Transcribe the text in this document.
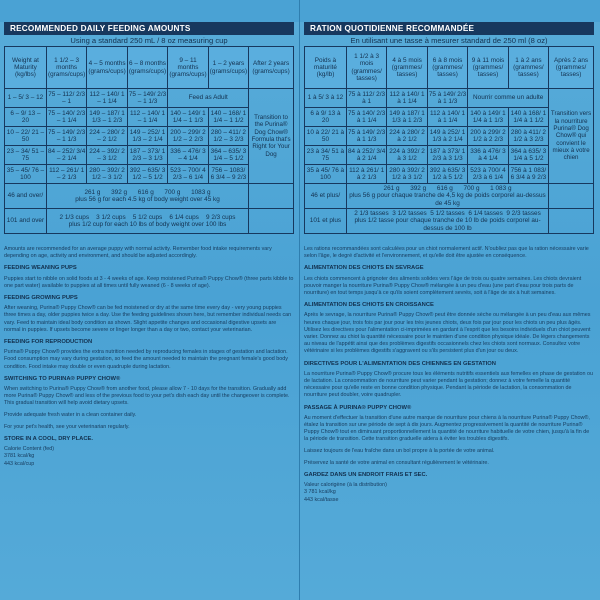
RECOMMENDED DAILY FEEDING AMOUNTS
Using a standard 250 mL / 8 oz measuring cup
Weight at Maturity (kg/lbs)	1 1/2 – 3 months (grams/cups)	4 – 5 months (grams/cups)	6 – 8 months (grams/cups)	9 – 11 months (grams/cups)	1 – 2 years (grams/cups)	After 2 years (grams/cups)
1 – 5/ 3 – 12	75 – 112/ 2/3 – 1	112 – 140/ 1 – 1 1/4	75 – 149/ 2/3 – 1 1/3	Feed as Adult		Transition to the Purina® Dog Chow® Formula that's Right for Your Dog
6 – 9/ 13 – 20	75 – 140/ 2/3 – 1 1/4	149 – 187/ 1 1/3 – 1 2/3	112 – 140/ 1 – 1 1/4	140 – 149/ 1 1/4 – 1 1/3	140 – 168/ 1 1/4 – 1 1/2	
10 – 22/ 21 – 50	75 – 149/ 2/3 – 1 1/3	224 – 280/ 2 – 2 1/2	149 – 252/ 1 1/3 – 2 1/4	200 – 299/ 2 1/2 – 2 2/3	280 – 411/ 2 1/2 – 3 2/3	
23 – 34/ 51 – 75	84 – 252/ 3/4 – 2 1/4	224 – 392/ 2 – 3 1/2	187 – 373/ 1 2/3 – 3 1/3	336 – 476/ 3 – 4 1/4	364 – 635/ 3 1/4 – 5 1/2	
35 – 45/ 76 – 100	112 – 261/ 1 – 2 1/3	280 – 392/ 2 1/2 – 3 1/2	392 – 635/ 3 1/2 – 5 1/2	523 – 700/ 4 2/3 – 6 1/4	756 – 1083/ 6 3/4 – 9 2/3	
46 and over/	261 g 392 g 616 g 700 g 1083 g
plus 56 g for each 4.5 kg of body weight over 45 kg					

101 and over	2 1/3 cups 3 1/2 cups 5 1/2 cups 6 1/4 cups 9 2/3 cups
plus 1/2 cup for each 10 lbs of body weight over 100 lbs					

Amounts are recommended for an average puppy with normal activity. Remember food intake requirements vary depending on age, activity and environment, and should be adjusted accordingly.

FEEDING WEANING PUPS

Puppies start to nibble on solid foods at 3 - 4 weeks of age. Keep moistened Purina® Puppy Chow® (three parts kibble to one part water) available to puppies at all times until fully weaned (6 - 8 weeks of age).

FEEDING GROWING PUPS

After weaning, Purina® Puppy Chow® can be fed moistened or dry at the same time every day - very young puppies three times a day, older puppies twice a day. Use the feeding guidelines shown here, but remember individual needs can vary. Feed to maintain ideal body condition as shown. Slight appetite changes and occasional digestive upsets are normal in puppies. If upsets become severe or linger longer than a day or two, contact your veterinarian.

FEEDING FOR REPRODUCTION

Purina® Puppy Chow® provides the extra nutrition needed by reproducing females in stages of gestation and lactation. Food consumption may vary during gestation, so feed the amount needed to maintain the pregnant female's good body condition. Food intake may double or even quadruple during lactation.

SWITCHING TO PURINA® PUPPY CHOW®

When switching to Purina® Puppy Chow® from another food, please allow 7 - 10 days for the transition. Gradually add more Purina® Puppy Chow® and less of the previous food to your pet's dish each day until the changeover is complete. This gradual transition will help avoid dietary upsets.

Provide adequate fresh water in a clean container daily.

For your pet's health, see your veterinarian regularly.

STORE IN A COOL, DRY PLACE.
Calorie Content (fed)
3781 kcal/kg
443 kcal/cup
RATION QUOTIDIENNE RECOMMANDÉE
En utilisant une tasse à mesurer standard de 250 ml (8 oz)
Poids à maturité (kg/lb)	1 1/2 à 3 mois (grammes/ tasses)	4 à 5 mois (grammes/ tasses)	6 à 8 mois (grammes/ tasses)	9 à 11 mois (grammes/ tasses)	1 à 2 ans (grammes/ tasses)	Après 2 ans (grammes/ tasses)
1 à 5/ 3 à 12	75 à 112/ 2/3 à 1	112 à 140/ 1 à 1 1/4	75 à 149/ 2/3 à 1 1/3	Nourrir comme un adulte		Transition vers la nourriture Purina® Dog Chow® qui convient le mieux à votre chien
6 à 9/ 13 à 20	75 à 140/ 2/3 à 1 1/4	149 à 187/ 1 1/3 à 1 2/3	112 à 140/ 1 à 1 1/4	140 à 149/ 1 1/4 à 1 1/3	140 à 168/ 1 1/4 à 1 1/2	
10 à 22/ 21 à 50	75 à 149/ 2/3 à 1 1/3	224 à 280/ 2 à 2 1/2	149 à 252/ 1 1/3 à 2 1/4	200 à 299/ 2 1/2 à 2 2/3	280 à 411/ 2 1/2 à 3 2/3	
23 à 34/ 51 à 75	84 à 252/ 3/4 à 2 1/4	224 à 392/ 2 à 3 1/2	187 à 373/ 1 2/3 à 3 1/3	336 à 476/ 3 à 4 1/4	364 à 635/ 3 1/4 à 5 1/2	
35 à 45/ 76 à 100	112 à 261/ 1 à 2 1/3	280 à 392/ 2 1/2 à 3 1/2	392 à 635/ 3 1/2 à 5 1/2	523 à 700/ 4 2/3 à 6 1/4	756 à 1 083/ 6 3/4 à 9 2/3	
46 et plus/	261 g 392 g 616 g 700 g 1 083 g
plus 56 g pour chaque tranche de 4,5 kg de poids corporel au-dessus de 45 kg					

101 et plus	2 1/3 tasses 3 1/2 tasses 5 1/2 tasses 6 1/4 tasses 9 2/3 tasses
plus 1/2 tasse pour chaque tranche de 10 lb de poids corporel au-dessus de 100 lb					

Les rations recommandées sont calculées pour un chiot normalement actif. N'oubliez pas que la ration nécessaire varie selon l'âge, le degré d'activité et l'environnement, et qu'elle doit être ajustée en conséquence.

ALIMENTATION DES CHIOTS EN SEVRAGE

Les chiots commencent à grignoter des aliments solides vers l'âge de trois ou quatre semaines. Les chiots devraient pouvoir manger la nourriture Purina® Puppy Chow® mélangée à un peu d'eau (une part d'eau pour trois parts de nourriture) en tout temps jusqu'à ce qu'ils soient complètement sevrés, soit à l'âge de six à huit semaines.

ALIMENTATION DES CHIOTS EN CROISSANCE

Après le sevrage, la nourriture Purina® Puppy Chow® peut être donnée sèche ou mélangée à un peu d'eau aux mêmes heures chaque jour, trois fois par jour pour les très jeunes chiots, deux fois par jour pour les chiots un peu plus âgés. Utilisez les directives pour l'alimentation ci-imprimées en gardant à l'esprit que les besoins individuels d'un chiot peuvent varier. Donnez au chiot la quantité nécessaire pour le maintien d'une condition physique idéale. De légers changements au niveau de l'appétit ainsi que des problèmes digestifs occasionnels chez les chiots sont normaux. Consultez votre vétérinaire si les problèmes digestifs s'aggravent ou s'ils persistent plus d'un jour ou deux.

DIRECTIVES POUR L'ALIMENTATION DES CHIENNES EN GESTATION

La nourriture Purina® Puppy Chow® procure tous les éléments nutritifs essentiels aux femelles en phase de gestation ou de lactation. La consommation de nourriture peut varier pendant la gestation; donnez à votre femelle la quantité nécessaire pour qu'elle reste en bonne condition physique. Pendant la période de lactation, la consommation de nourriture peut doubler, voire quadrupler.

PASSAGE À PURINA® PUPPY CHOW®

Au moment d'effectuer la transition d'une autre marque de nourriture pour chiens à la nourriture Purina® Puppy Chow®, étalez la transition sur une période de sept à dix jours. Augmentez progressivement la quantité de nourriture Purina® Puppy Chow® tout en diminuant proportionnellement la quantité de nourriture habituelle de votre chien, jusqu'à la fin de la période de transition. Cette transition graduelle aidera à éviter les troubles digestifs.

Laissez toujours de l'eau fraîche dans un bol propre à la portée de votre animal.

Préservez la santé de votre animal en consultant régulièrement le vétérinaire.

GARDEZ DANS UN ENDROIT FRAIS ET SEC.
Valeur calorigène (à la distribution)
3 781 kcal/kg
443 kcal/tasse
